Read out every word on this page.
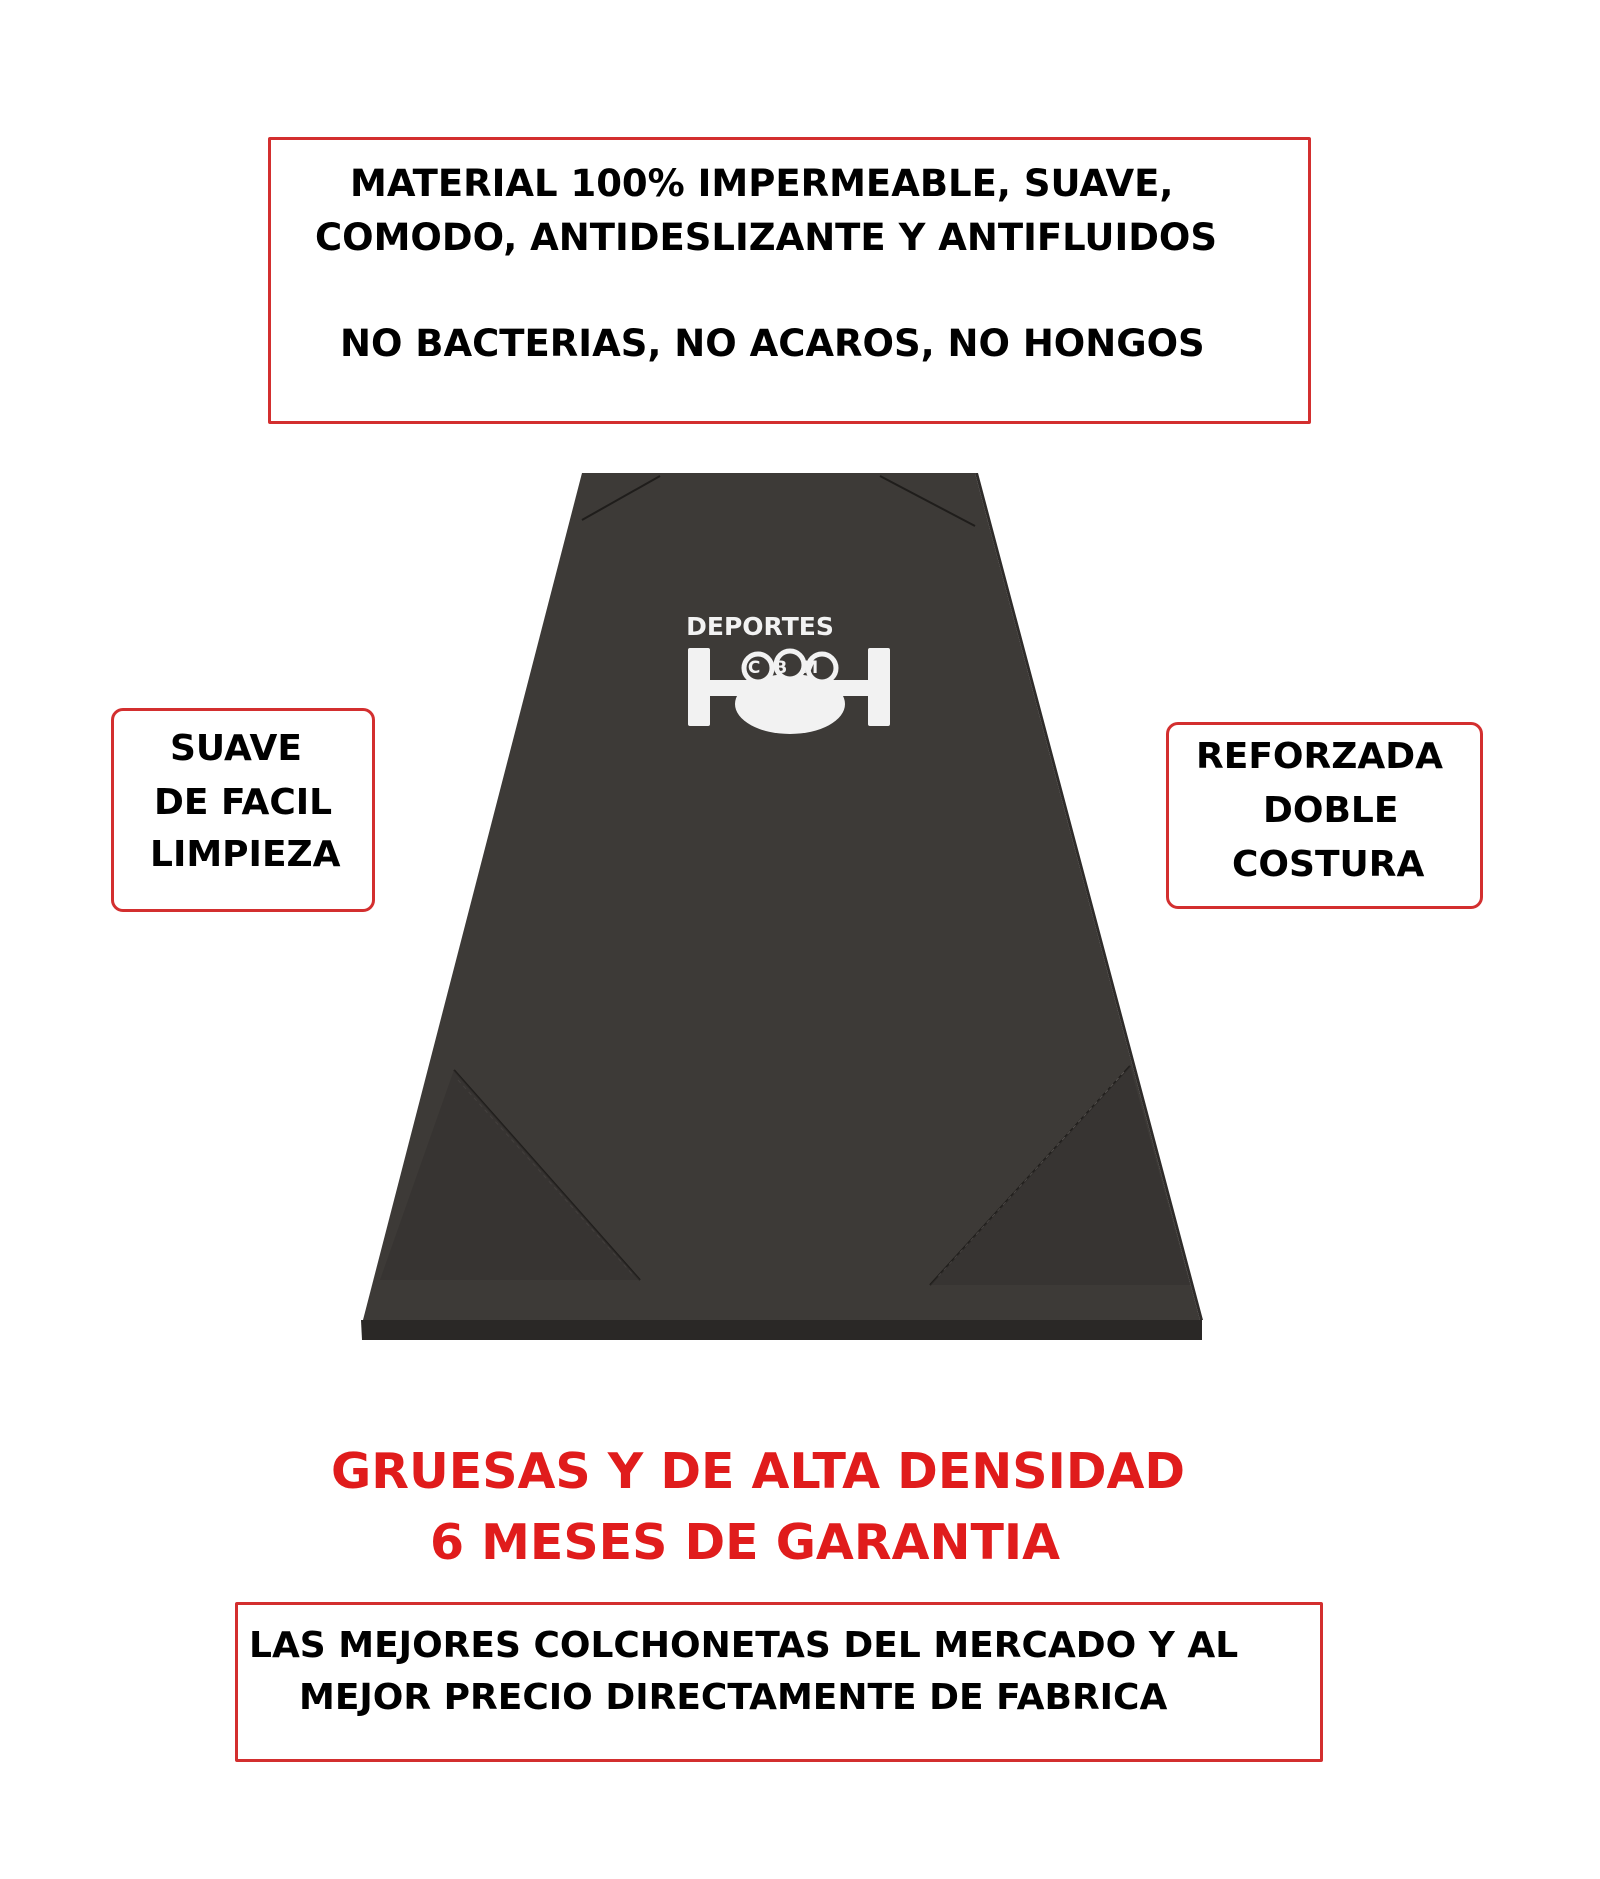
MATERIAL 100% IMPERMEABLE, SUAVE,
COMODO, ANTIDESLIZANTE Y ANTIFLUIDOS
NO BACTERIAS, NO ACAROS, NO HONGOS
DEPORTES
CBM
SUAVE
DE FACIL
LIMPIEZA
REFORZADA
DOBLE
COSTURA
GRUESAS Y DE ALTA DENSIDAD
6 MESES DE GARANTIA
LAS MEJORES COLCHONETAS DEL MERCADO Y AL
MEJOR PRECIO DIRECTAMENTE DE FABRICA
